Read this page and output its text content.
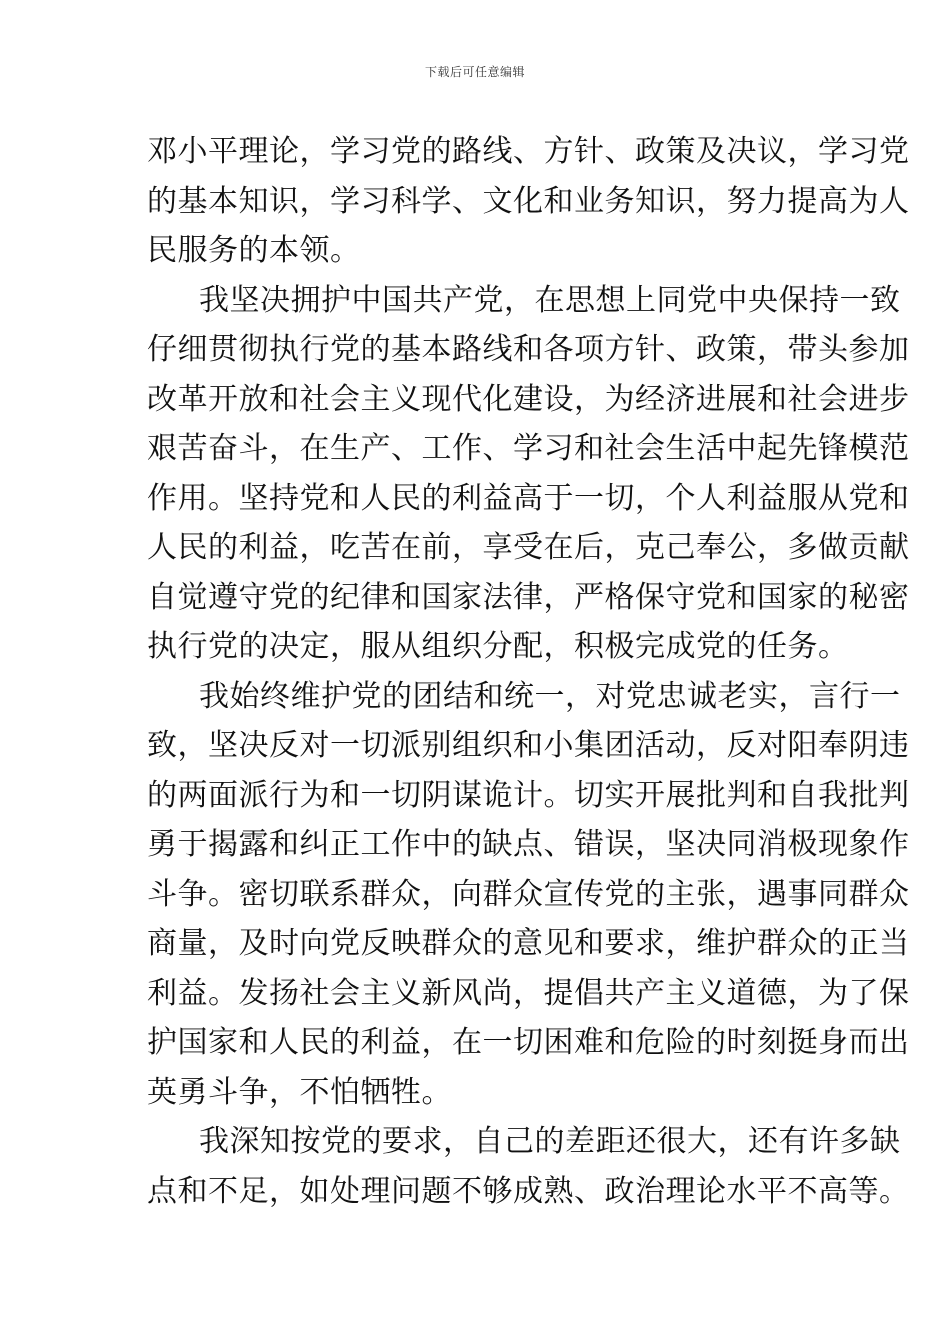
下载后可任意编辑
邓小平理论，学习党的路线、方针、政策及决议，学习党
的基本知识，学习科学、文化和业务知识，努力提高为人
民服务的本领。
我坚决拥护中国共产党，在思想上同党中央保持一致
仔细贯彻执行党的基本路线和各项方针、政策，带头参加
改革开放和社会主义现代化建设，为经济进展和社会进步
艰苦奋斗，在生产、工作、学习和社会生活中起先锋模范
作用。坚持党和人民的利益高于一切，个人利益服从党和
人民的利益，吃苦在前，享受在后，克己奉公，多做贡献
自觉遵守党的纪律和国家法律，严格保守党和国家的秘密
执行党的决定，服从组织分配，积极完成党的任务。
我始终维护党的团结和统一，对党忠诚老实，言行一
致，坚决反对一切派别组织和小集团活动，反对阳奉阴违
的两面派行为和一切阴谋诡计。切实开展批判和自我批判
勇于揭露和纠正工作中的缺点、错误，坚决同消极现象作
斗争。密切联系群众，向群众宣传党的主张，遇事同群众
商量，及时向党反映群众的意见和要求，维护群众的正当
利益。发扬社会主义新风尚，提倡共产主义道德，为了保
护国家和人民的利益，在一切困难和危险的时刻挺身而出
英勇斗争，不怕牺牲。
我深知按党的要求，自己的差距还很大，还有许多缺
点和不足，如处理问题不够成熟、政治理论水平不高等。
